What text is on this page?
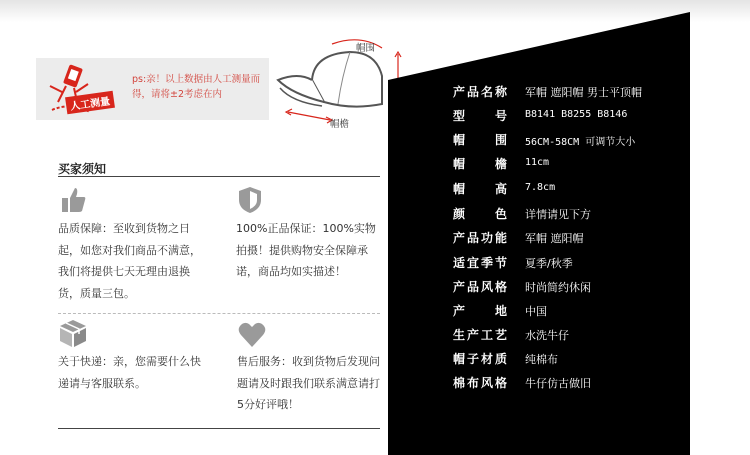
人工测量
ps:亲！以上数据由人工测量而得，请将±2考虑在内
帽围
帽檐
买家须知
品质保障：至收到货物之日起，如您对我们商品不满意，我们将提供七天无理由退换货，质量三包。
100%正品保证：100%实物拍摄！提供购物安全保障承诺，商品均如实描述！
关于快递：亲，您需要什么快递请与客服联系。
售后服务：收到货物后发现问题请及时跟我们联系满意请打5分好评哦！
产品名称 军帽 遮阳帽 男士平顶帽
型号 B8141 B8255 B8146
帽围 56CM-58CM 可调节大小
帽檐 11cm
帽高 7.8cm
颜色 详情请见下方
产品功能 军帽 遮阳帽
适宜季节 夏季/秋季
产品风格 时尚简约休闲
产地 中国
生产工艺 水洗牛仔
帽子材质 纯棉布
棉布风格 牛仔仿古做旧
